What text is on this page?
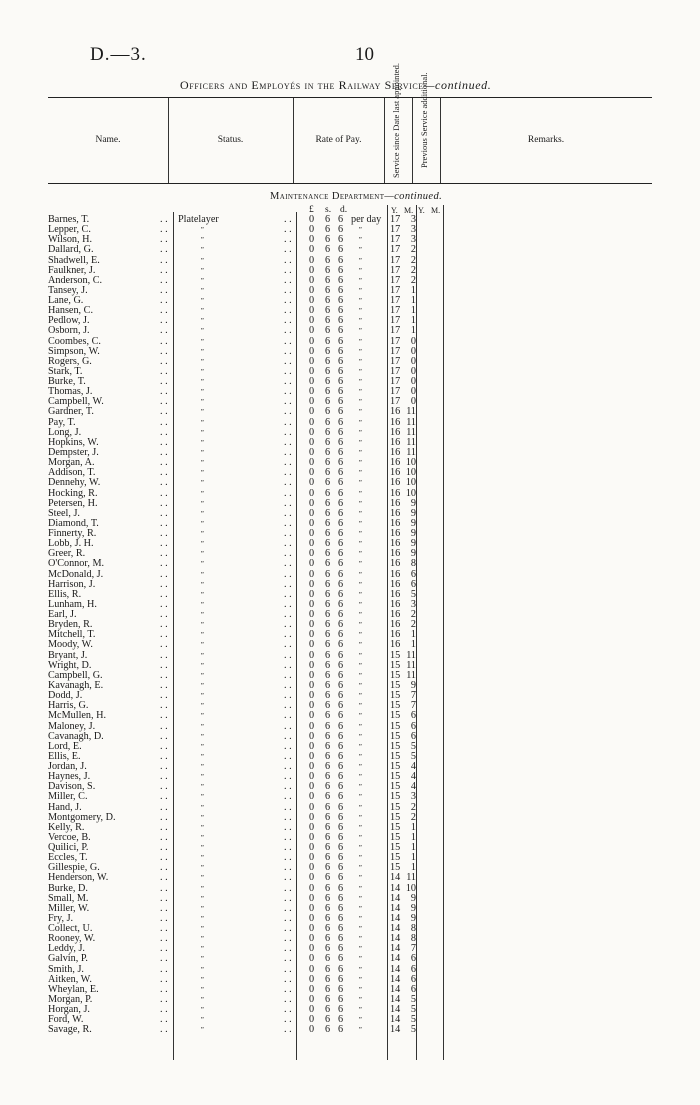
D.—3.	10
Officers and Employés in the Railway Service—continued.
Name.	Status.	Rate of Pay.	Service since Date last appointed. Previous Service additional.	Remarks.
Maintenance Department—continued.
£ s. d.	Y. M. Y. M.
Barnes, T.	. . Platelayer	. . 0 6 6 per day 17	3
Lepper, C.	. .	”	. . 0 6 6 ”	17	3
Wilson, H.	. .	”	. . 0 6 6 ”	17	3
Dallard, G.	. .	”	. . 0 6 6 ”	17	2
Shadwell, E.	. .	”	. . 0 6 6 ”	17	2
Faulkner, J.	. .	”	. . 0 6 6 ”	17	2
Anderson, C.	. .	”	. . 0 6 6 ”	17	2
Tansey, J.	. .	”	. . 0 6 6 ”	17	1
Lane, G.	. .	”	. . 0 6 6 ”	17	1
Hansen, C.	. .	”	. . 0 6 6 ”	17	1
Pedlow, J.	. .	”	. . 0 6 6 ”	17	1
Osborn, J.	. .	”	. . 0 6 6 ”	17	1
Coombes, C.	. .	”	. . 0 6 6 ”	17	0
Simpson, W.	. .	”	. . 0 6 6 ”	17	0
Rogers, G.	. .	”	. . 0 6 6 ”	17	0
Stark, T.	. .	”	. . 0 6 6 ”	17	0
Burke, T.	. .	”	. . 0 6 6 ”	17	0
Thomas, J.	. .	”	. . 0 6 6 ”	17	0
Campbell, W.	. .	”	. . 0 6 6 ”	17	0
Gardner, T.	. .	”	. . 0 6 6 ”	16 11
Pay, T.	. .	”	. . 0 6 6 ”	16 11
Long, J.	. .	”	. . 0 6 6 ”	16 11
Hopkins, W.	. .	”	. . 0 6 6 ”	16 11
Dempster, J.	. .	”	. . 0 6 6 ”	16 11
Morgan, A.	. .	”	. . 0 6 6 ”	16 10
Addison, T.	. .	”	. . 0 6 6 ”	16 10
Dennehy, W.	. .	”	. . 0 6 6 ”	16 10
Hocking, R.	. .	”	. . 0 6 6 ”	16 10
Petersen, H.	. .	”	. . 0 6 6 ”	16	9
Steel, J.	. .	”	. . 0 6 6 ”	16	9
Diamond, T.	. .	”	. . 0 6 6 ”	16	9
Finnerty, R.	. .	”	. . 0 6 6 ”	16	9
Lobb, J. H.	. .	”	. . 0 6 6 ”	16	9
Greer, R.	. .	”	. . 0 6 6 ”	16	9
O'Connor, M.	. .	”	. . 0 6 6 ”	16	8
McDonald, J.	. .	”	. . 0 6 6 ”	16	6
Harrison, J.	. .	”	. . 0 6 6 ”	16	6
Ellis, R.	. .	”	. . 0 6 6 ”	16	5
Lunham, H.	. .	”	. . 0 6 6 ”	16	3
Earl, J.	. .	”	. . 0 6 6 ”	16	2
Bryden, R.	. .	”	. . 0 6 6 ”	16	2
Mitchell, T.	. .	”	. . 0 6 6 ”	16	1
Moody, W.	. .	”	. . 0 6 6 ”	16	1
Bryant, J.	. .	”	. . 0 6 6 ”	15 11
Wright, D.	. .	”	. . 0 6 6 ”	15 11
Campbell, G.	. .	”	. . 0 6 6 ”	15 11
Kavanagh, E.	. .	”	. . 0 6 6 ”	15	9
Dodd, J.	. .	”	. . 0 6 6 ”	15	7
Harris, G.	. .	”	. . 0 6 6 ”	15	7
McMullen, H.	. .	”	. . 0 6 6 ”	15	6
Maloney, J.	. .	”	. . 0 6 6 ”	15	6
Cavanagh, D.	. .	”	. . 0 6 6 ”	15	6
Lord, E.	. .	”	. . 0 6 6 ”	15	5
Ellis, E.	. .	”	. . 0 6 6 ”	15	5
Jordan, J.	. .	”	. . 0 6 6 ”	15	4
Haynes, J.	. .	”	. . 0 6 6 ”	15	4
Davison, S.	. .	”	. . 0 6 6 ”	15	4
Miller, C.	. .	”	. . 0 6 6 ”	15	3
Hand, J.	. .	”	. . 0 6 6 ”	15	2
Montgomery, D.	. .	”	. . 0 6 6 ”	15	2
Kelly, R.	. .	”	. . 0 6 6 ”	15	1
Vercoe, B.	. .	”	. . 0 6 6 ”	15	1
Quilici, P.	. .	”	. . 0 6 6 ”	15	1
Eccles, T.	. .	”	. . 0 6 6 ”	15	1
Gillespie, G.	. .	”	. . 0 6 6 ”	15	1
Henderson, W.	. .	”	. . 0 6 6 ”	14 11
Burke, D.	. .	”	. . 0 6 6 ”	14 10
Small, M.	. .	”	. . 0 6 6 ”	14	9
Miller, W.	. .	”	. . 0 6 6 ”	14	9
Fry, J.	. .	”	. . 0 6 6 ”	14	9
Collect, U.	. .	”	. . 0 6 6 ”	14	8
Rooney, W.	. .	”	. . 0 6 6 ”	14	8
Leddy, J.	. .	”	. . 0 6 6 ”	14	7
Galvin, P.	. .	”	. . 0 6 6 ”	14	6
Smith, J.	. .	”	. . 0 6 6 ”	14	6
Aitken, W.	. .	”	. . 0 6 6 ”	14	6
Wheylan, E.	. .	”	. . 0 6 6 ”	14	6
Morgan, P.	. .	”	. . 0 6 6 ”	14	5
Horgan, J.	. .	”	. . 0 6 6 ”	14	5
Ford, W.	. .	”	. . 0 6 6 ”	14	5
Savage, R.	. .	”	. . 0 6 6 ”	14	5
